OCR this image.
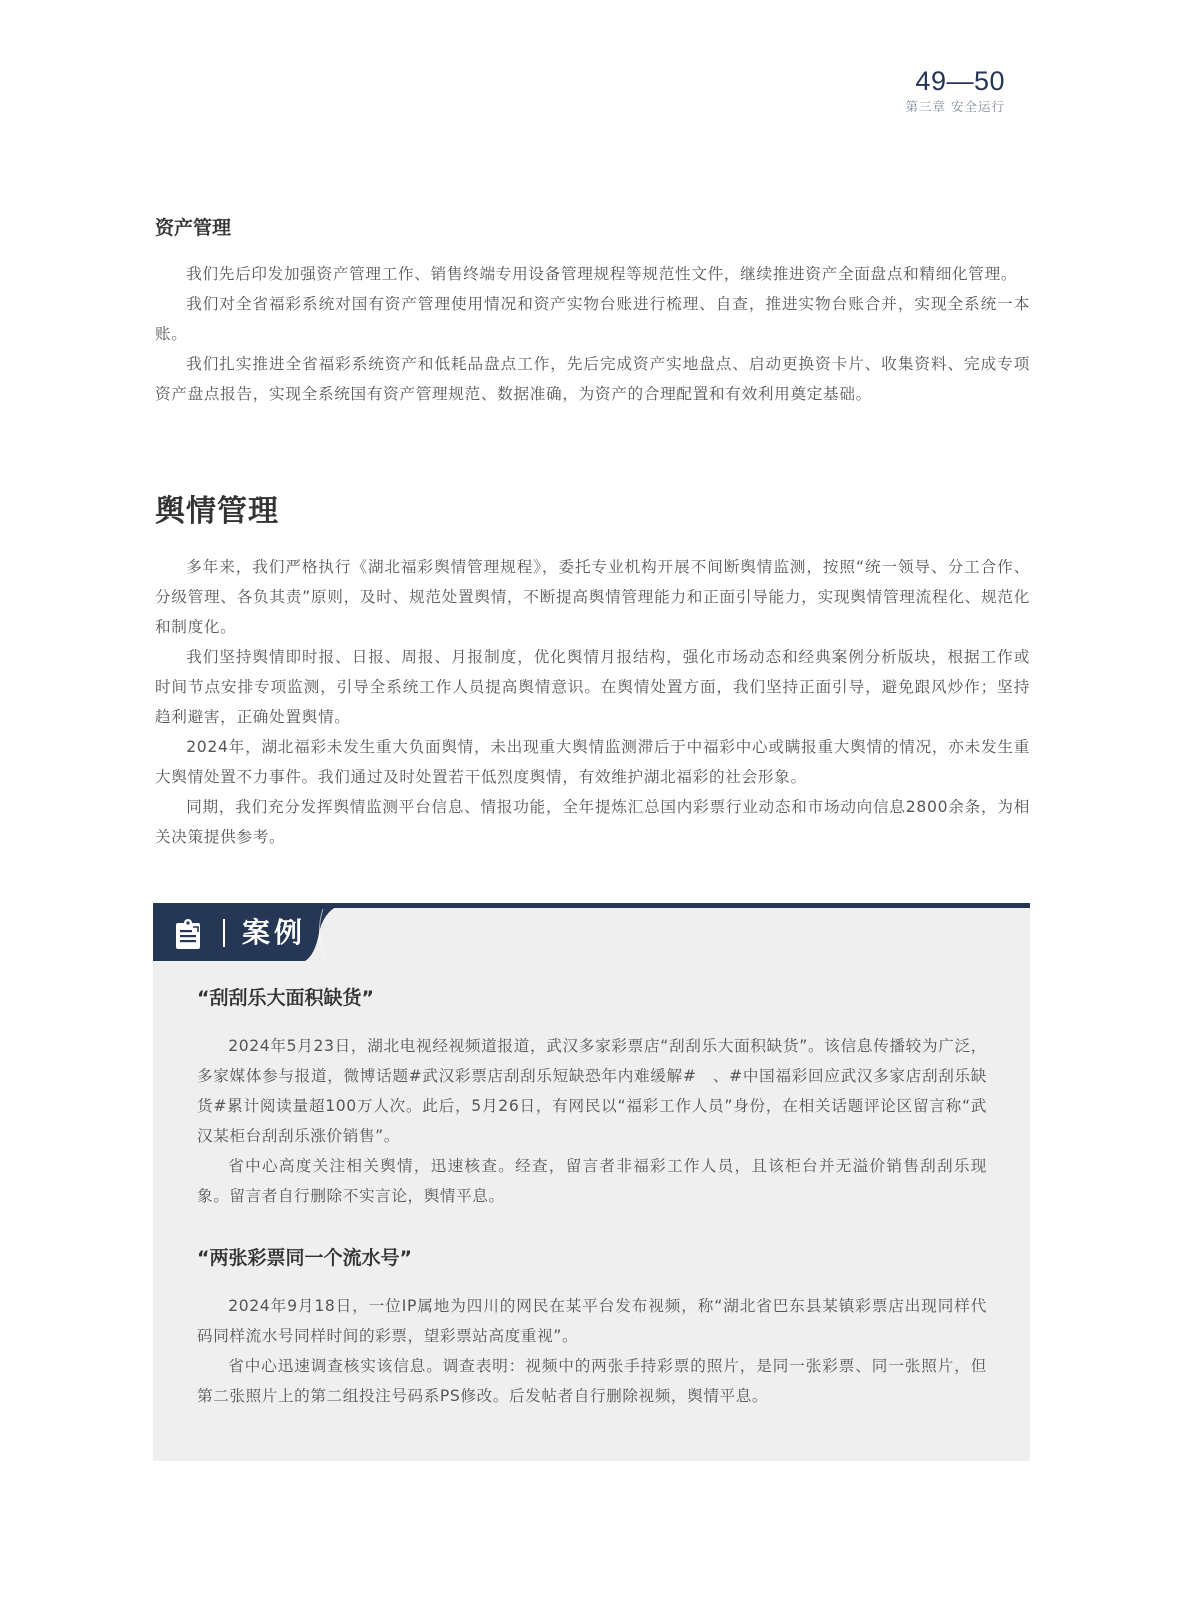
49—50
第三章 安全运行
资产管理

我们先后印发加强资产管理工作、销售终端专用设备管理规程等规范性文件，继续推进资产全面盘点和精细化管理。

我们对全省福彩系统对国有资产管理使用情况和资产实物台账进行梳理、自查，推进实物台账合并，实现全系统一本账。

我们扎实推进全省福彩系统资产和低耗品盘点工作，先后完成资产实地盘点、启动更换资卡片、收集资料、完成专项资产盘点报告，实现全系统国有资产管理规范、数据准确，为资产的合理配置和有效利用奠定基础。

舆情管理

多年来，我们严格执行《湖北福彩舆情管理规程》，委托专业机构开展不间断舆情监测，按照“统一领导、分工合作、分级管理、各负其责”原则，及时、规范处置舆情，不断提高舆情管理能力和正面引导能力，实现舆情管理流程化、规范化和制度化。

我们坚持舆情即时报、日报、周报、月报制度，优化舆情月报结构，强化市场动态和经典案例分析版块，根据工作或时间节点安排专项监测，引导全系统工作人员提高舆情意识。在舆情处置方面，我们坚持正面引导，避免跟风炒作；坚持趋利避害，正确处置舆情。

2024年，湖北福彩未发生重大负面舆情，未出现重大舆情监测滞后于中福彩中心或瞒报重大舆情的情况，亦未发生重大舆情处置不力事件。我们通过及时处置若干低烈度舆情，有效维护湖北福彩的社会形象。

同期，我们充分发挥舆情监测平台信息、情报功能，全年提炼汇总国内彩票行业动态和市场动向信息2800余条，为相关决策提供参考。

案例
“刮刮乐大面积缺货”

2024年5月23日，湖北电视经视频道报道，武汉多家彩票店“刮刮乐大面积缺货”。该信息传播较为广泛，多家媒体参与报道，微博话题#武汉彩票店刮刮乐短缺恐年内难缓解#　、#中国福彩回应武汉多家店刮刮乐缺货#累计阅读量超100万人次。此后，5月26日，有网民以“福彩工作人员”身份，在相关话题评论区留言称“武汉某柜台刮刮乐涨价销售”。

省中心高度关注相关舆情，迅速核查。经查，留言者非福彩工作人员，且该柜台并无溢价销售刮刮乐现象。留言者自行删除不实言论，舆情平息。

“两张彩票同一个流水号”

2024年9月18日，一位IP属地为四川的网民在某平台发布视频，称“湖北省巴东县某镇彩票店出现同样代码同样流水号同样时间的彩票，望彩票站高度重视”。

省中心迅速调查核实该信息。调查表明：视频中的两张手持彩票的照片，是同一张彩票、同一张照片，但第二张照片上的第二组投注号码系PS修改。后发帖者自行删除视频，舆情平息。
